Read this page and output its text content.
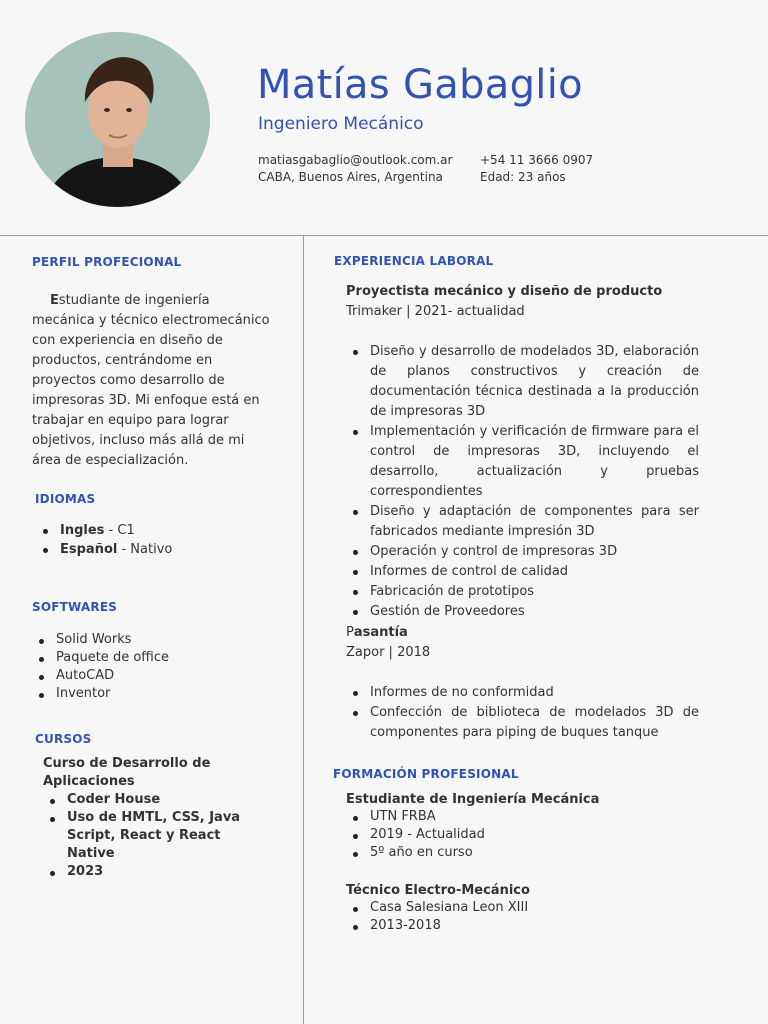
Matías Gabaglio
Ingeniero Mecánico
matiasgabaglio@outlook.com.ar
CABA, Buenos Aires, Argentina
+54 11 3666 0907
Edad: 23 años
PERFIL PROFECIONAL
Estudiante de ingeniería mecánica y técnico electromecánico con experiencia en diseño de productos, centrándome en proyectos como desarrollo de impresoras 3D. Mi enfoque está en trabajar en equipo para lograr objetivos, incluso más allá de mi área de especialización.
IDIOMAS
Ingles - C1
Español - Nativo
SOFTWARES
Solid Works
Paquete de office
AutoCAD
Inventor
CURSOS
Curso de Desarrollo de Aplicaciones
Coder House
Uso de HMTL, CSS, Java Script, React y React Native
2023
EXPERIENCIA LABORAL
Proyectista mecánico y diseño de producto
Trimaker | 2021- actualidad
Diseño y desarrollo de modelados 3D, elaboración de planos constructivos y creación de documentación técnica destinada a la producción de impresoras 3D
Implementación y verificación de firmware para el control de impresoras 3D, incluyendo el desarrollo, actualización y pruebas correspondientes
Diseño y adaptación de componentes para ser fabricados mediante impresión 3D
Operación y control de impresoras 3D
Informes de control de calidad
Fabricación de prototipos
Gestión de Proveedores
Pasantía
Zapor | 2018
Informes de no conformidad
Confección de biblioteca de modelados 3D de componentes para piping de buques tanque
FORMACIÓN PROFESIONAL
Estudiante de Ingeniería Mecánica
UTN FRBA
2019 - Actualidad
5º año en curso
Técnico Electro-Mecánico
Casa Salesiana Leon XIII
2013-2018
